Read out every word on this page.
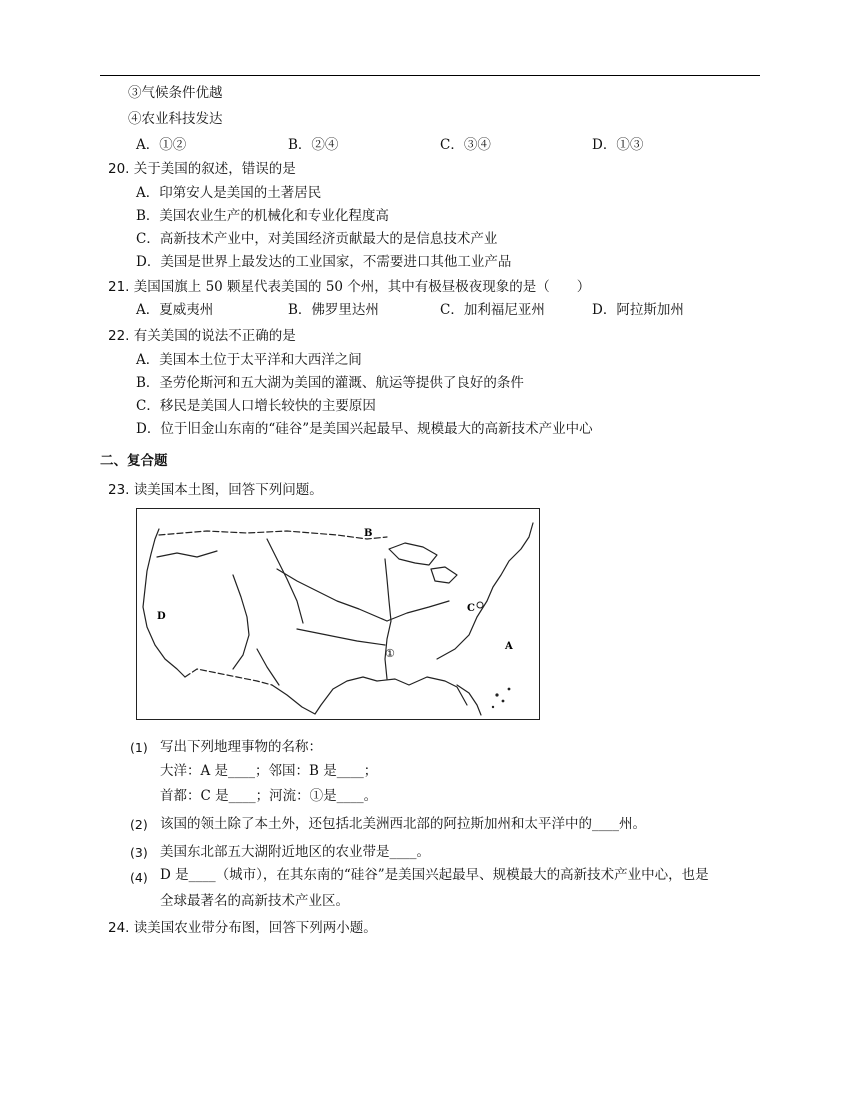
③气候条件优越
④农业科技发达
A．①②	B．②④	C．③④	D．①③
20. 关于美国的叙述，错误的是
A．印第安人是美国的土著居民
B．美国农业生产的机械化和专业化程度高
C．高新技术产业中，对美国经济贡献最大的是信息技术产业
D．美国是世界上最发达的工业国家，不需要进口其他工业产品
21. 美国国旗上 50 颗星代表美国的 50 个州，其中有极昼极夜现象的是（　　）
A．夏威夷州	B．佛罗里达州	C．加利福尼亚州	D．阿拉斯加州
22. 有关美国的说法不正确的是
A．美国本土位于太平洋和大西洋之间
B．圣劳伦斯河和五大湖为美国的灌溉、航运等提供了良好的条件
C．移民是美国人口增长较快的主要原因
D．位于旧金山东南的“硅谷”是美国兴起最早、规模最大的高新技术产业中心
二、复合题
23. 读美国本土图，回答下列问题。
B
C
A
D
①
(1) 写出下列地理事物的名称：
大洋：A 是____；邻国：B 是____；
首都：C 是____；河流：①是____。
(2) 该国的领土除了本土外，还包括北美洲西北部的阿拉斯加州和太平洋中的____州。
(3) 美国东北部五大湖附近地区的农业带是____。
(4) D 是____（城市），在其东南的“硅谷”是美国兴起最早、规模最大的高新技术产业中心，也是
全球最著名的高新技术产业区。
24. 读美国农业带分布图，回答下列两小题。
